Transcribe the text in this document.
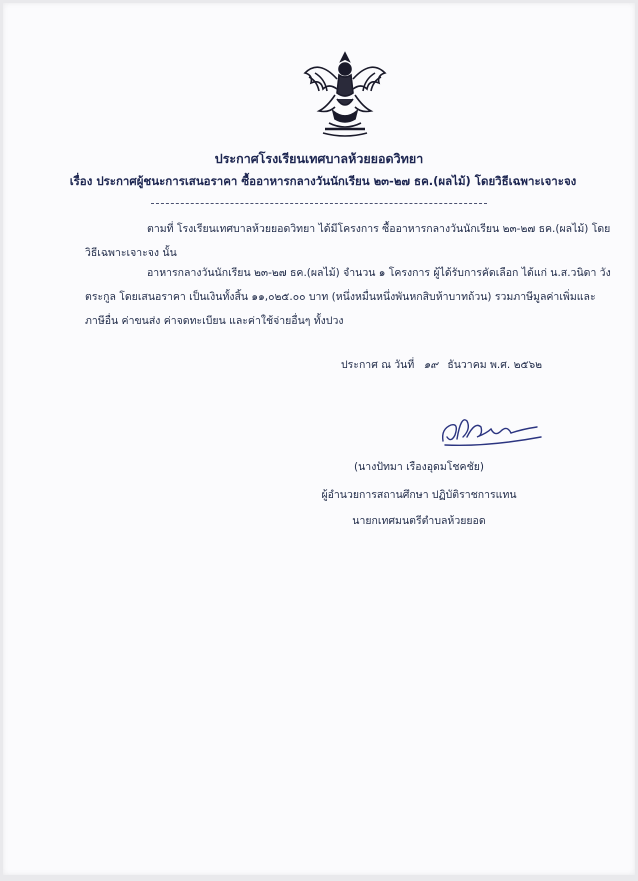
ประกาศโรงเรียนเทศบาลห้วยยอดวิทยา
เรื่อง ประกาศผู้ชนะการเสนอราคา ซื้ออาหารกลางวันนักเรียน ๒๓-๒๗ ธค.(ผลไม้) โดยวิธีเฉพาะเจาะจง
ตามที่ โรงเรียนเทศบาลห้วยยอดวิทยา ได้มีโครงการ ซื้ออาหารกลางวันนักเรียน ๒๓-๒๗ ธค.(ผลไม้) โดย
วิธีเฉพาะเจาะจง นั้น
อาหารกลางวันนักเรียน ๒๓-๒๗ ธค.(ผลไม้) จำนวน ๑ โครงการ ผู้ได้รับการคัดเลือก ได้แก่ น.ส.วนิดา วัง
ตระกูล โดยเสนอราคา เป็นเงินทั้งสิ้น ๑๑,๐๒๕.๐๐ บาท (หนึ่งหมื่นหนึ่งพันหกสิบห้าบาทถ้วน) รวมภาษีมูลค่าเพิ่มและ
ภาษีอื่น ค่าขนส่ง ค่าจดทะเบียน และค่าใช้จ่ายอื่นๆ ทั้งปวง
ประกาศ ณ วันที่ ๑๙ ธันวาคม พ.ศ. ๒๕๖๒
(นางปัทมา เรืองอุดมโชคชัย)
ผู้อำนวยการสถานศึกษา ปฏิบัติราชการแทน
นายกเทศมนตรีตำบลห้วยยอด
